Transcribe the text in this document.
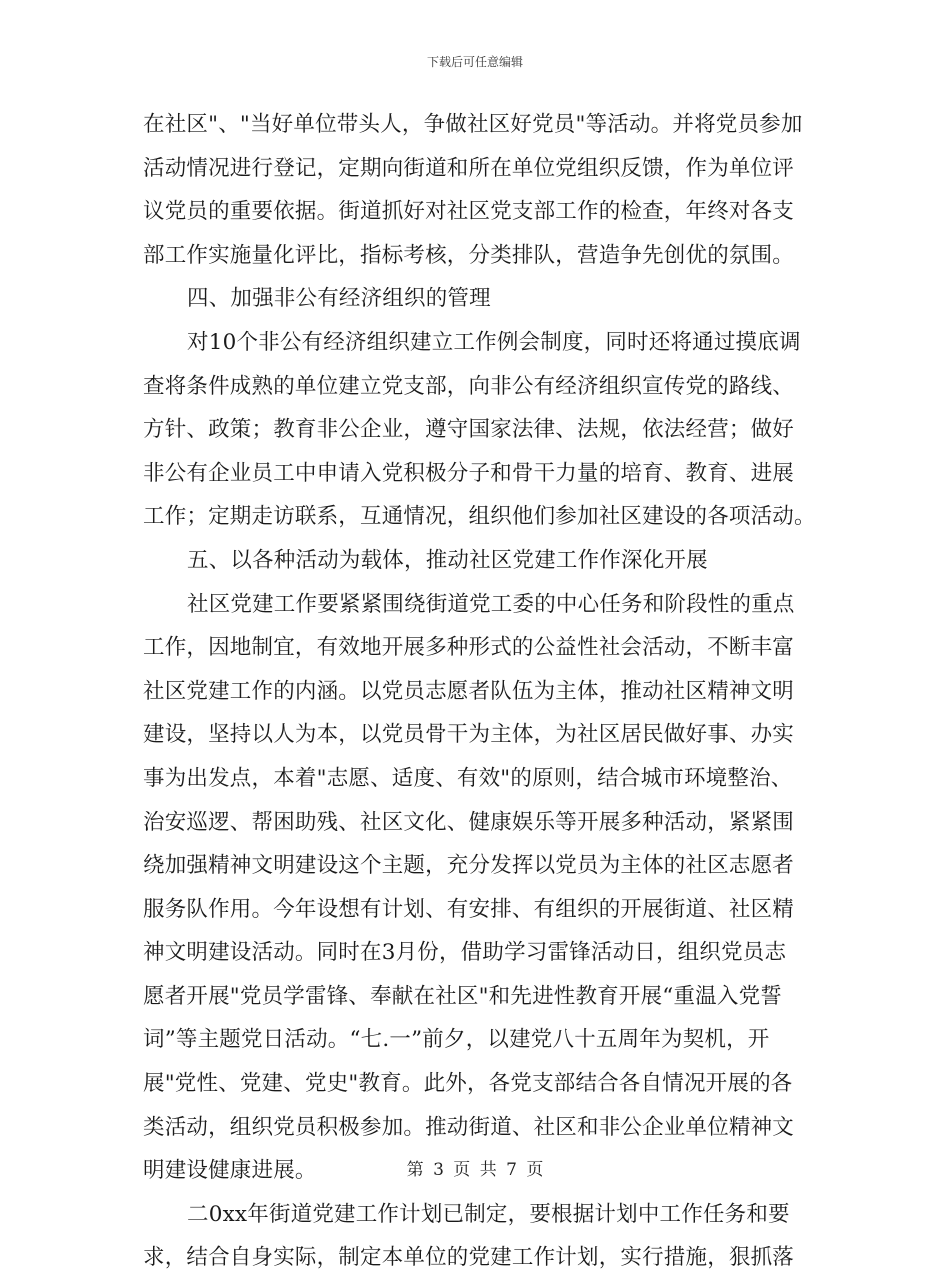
下载后可任意编辑
在社区"、"当好单位带头人，争做社区好党员"等活动。并将党员参加
活动情况进行登记，定期向街道和所在单位党组织反馈，作为单位评
议党员的重要依据。街道抓好对社区党支部工作的检查，年终对各支
部工作实施量化评比，指标考核，分类排队，营造争先创优的氛围。
四、加强非公有经济组织的管理
对10个非公有经济组织建立工作例会制度，同时还将通过摸底调
查将条件成熟的单位建立党支部，向非公有经济组织宣传党的路线、
方针、政策；教育非公企业，遵守国家法律、法规，依法经营；做好
非公有企业员工中申请入党积极分子和骨干力量的培育、教育、进展
工作；定期走访联系，互通情况，组织他们参加社区建设的各项活动。
五、以各种活动为载体，推动社区党建工作作深化开展
社区党建工作要紧紧围绕街道党工委的中心任务和阶段性的重点
工作，因地制宜，有效地开展多种形式的公益性社会活动，不断丰富
社区党建工作的内涵。以党员志愿者队伍为主体，推动社区精神文明
建设，坚持以人为本，以党员骨干为主体，为社区居民做好事、办实
事为出发点，本着"志愿、适度、有效"的原则，结合城市环境整治、
治安巡逻、帮困助残、社区文化、健康娱乐等开展多种活动，紧紧围
绕加强精神文明建设这个主题，充分发挥以党员为主体的社区志愿者
服务队作用。今年设想有计划、有安排、有组织的开展街道、社区精
神文明建设活动。同时在3月份，借助学习雷锋活动日，组织党员志
愿者开展"党员学雷锋、奉献在社区"和先进性教育开展“重温入党誓
词”等主题党日活动。“七.一”前夕，以建党八十五周年为契机，开
展"党性、党建、党史"教育。此外，各党支部结合各自情况开展的各
类活动，组织党员积极参加。推动街道、社区和非公企业单位精神文
明建设健康进展。
二0xx年街道党建工作计划已制定，要根据计划中工作任务和要
求，结合自身实际，制定本单位的党建工作计划，实行措施，狠抓落
第 3 页 共 7 页
